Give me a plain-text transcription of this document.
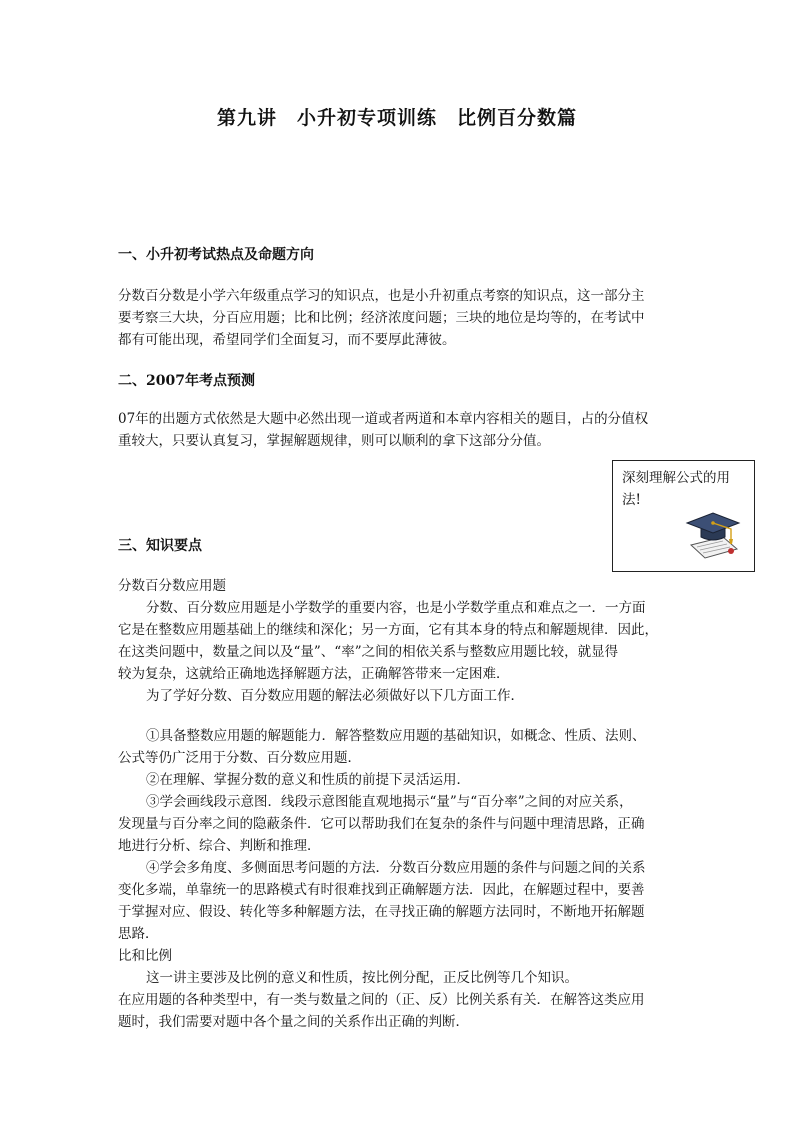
第九讲　小升初专项训练　比例百分数篇
一、小升初考试热点及命题方向
分数百分数是小学六年级重点学习的知识点，也是小升初重点考察的知识点，这一部分主
要考察三大块，分百应用题；比和比例；经济浓度问题；三块的地位是均等的，在考试中
都有可能出现，希望同学们全面复习，而不要厚此薄彼。
二、2007年考点预测
07年的出题方式依然是大题中必然出现一道或者两道和本章内容相关的题目，占的分值权
重较大，只要认真复习，掌握解题规律，则可以顺利的拿下这部分分值。
深刻理解公式的用
法!
三、知识要点
分数百分数应用题
分数、百分数应用题是小学数学的重要内容，也是小学数学重点和难点之一．一方面
它是在整数应用题基础上的继续和深化；另一方面，它有其本身的特点和解题规律．因此，
在这类问题中，数量之间以及“量”、“率”之间的相依关系与整数应用题比较，就显得
较为复杂，这就给正确地选择解题方法，正确解答带来一定困难．
为了学好分数、百分数应用题的解法必须做好以下几方面工作．
①具备整数应用题的解题能力．解答整数应用题的基础知识，如概念、性质、法则、
公式等仍广泛用于分数、百分数应用题．
②在理解、掌握分数的意义和性质的前提下灵活运用．
③学会画线段示意图．线段示意图能直观地揭示“量”与“百分率”之间的对应关系，
发现量与百分率之间的隐蔽条件．它可以帮助我们在复杂的条件与问题中理清思路，正确
地进行分析、综合、判断和推理．
④学会多角度、多侧面思考问题的方法．分数百分数应用题的条件与问题之间的关系
变化多端，单靠统一的思路模式有时很难找到正确解题方法．因此，在解题过程中，要善
于掌握对应、假设、转化等多种解题方法，在寻找正确的解题方法同时，不断地开拓解题
思路．
比和比例
这一讲主要涉及比例的意义和性质，按比例分配，正反比例等几个知识。
在应用题的各种类型中，有一类与数量之间的（正、反）比例关系有关．在解答这类应用
题时，我们需要对题中各个量之间的关系作出正确的判断．
